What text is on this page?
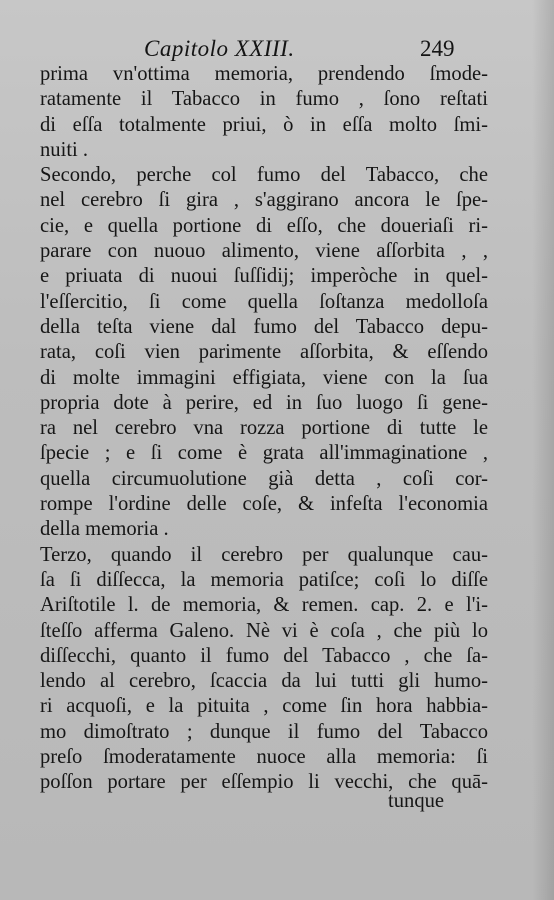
Capitolo XXIII.	249
prima vn'ottima memoria, prendendo ſmode-
ratamente il Tabacco in fumo , ſono reſtati
di eſſa totalmente priui, ò in eſſa molto ſmi-
nuiti .
Secondo, perche col fumo del Tabacco, che
nel cerebro ſi gira , s'aggirano ancora le ſpe-
cie, e quella portione di eſſo, che doueriaſi ri-
parare con nuouo alimento, viene aſſorbita , ,
e priuata di nuoui ſuſſidij; imperòche in quel-
l'eſſercitio, ſi come quella ſoſtanza medolloſa
della teſta viene dal fumo del Tabacco depu-
rata, coſi vien parimente aſſorbita, & eſſendo
di molte immagini effigiata, viene con la ſua
propria dote à perire, ed in ſuo luogo ſi gene-
ra nel cerebro vna rozza portione di tutte le
ſpecie ; e ſi come è grata all'immaginatione ,
quella circumuolutione già detta , coſi cor-
rompe l'ordine delle coſe, & infeſta l'economia
della memoria .
Terzo, quando il cerebro per qualunque cau-
ſa ſi diſſecca, la memoria patiſce; coſi lo diſſe
Ariſtotile l. de memoria, & remen. cap. 2. e l'i-
ſteſſo afferma Galeno. Nè vi è coſa , che più lo
diſſecchi, quanto il fumo del Tabacco , che ſa-
lendo al cerebro, ſcaccia da lui tutti gli humo-
ri acquoſi, e la pituita , come ſin hora habbia-
mo dimoſtrato ; dunque il fumo del Tabacco
preſo ſmoderatamente nuoce alla memoria: ſi
poſſon portare per eſſempio li vecchi, che quā-
tunque
